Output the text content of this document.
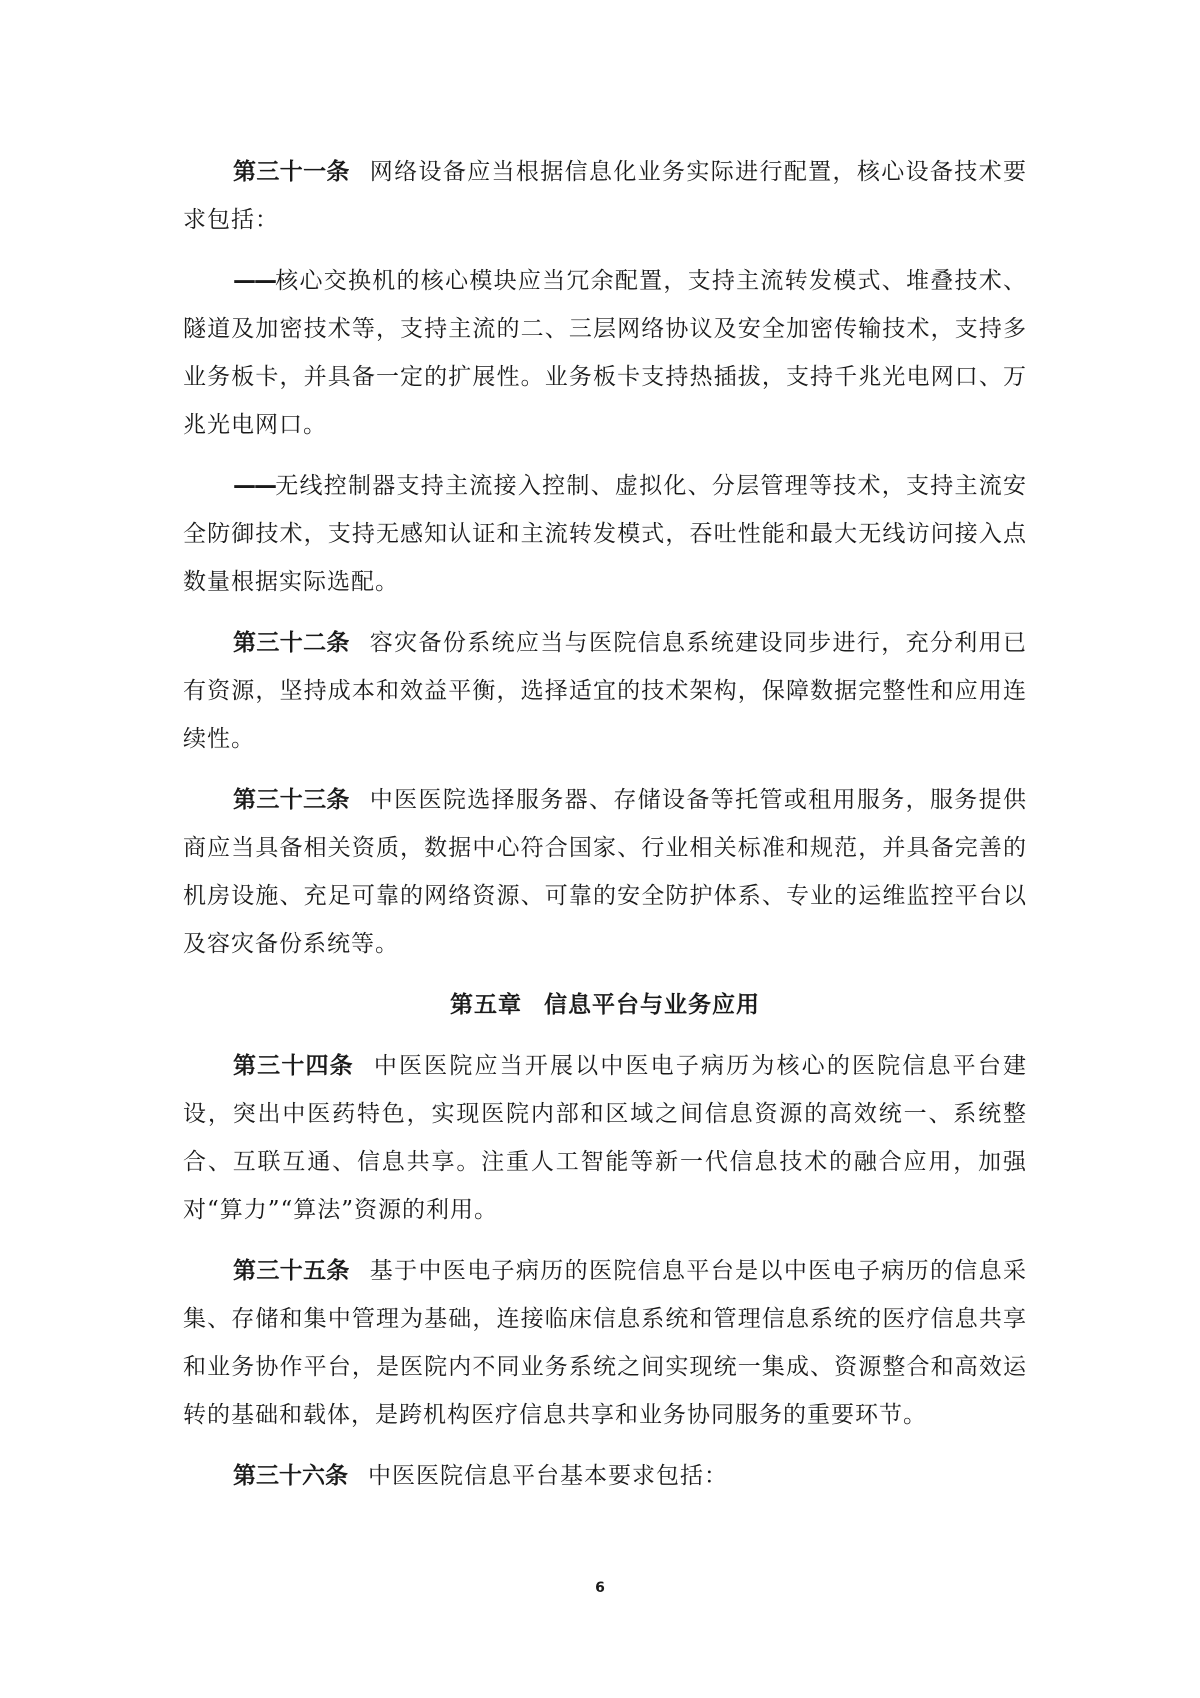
第三十一条 网络设备应当根据信息化业务实际进行配置，核心设备技术要求包括：

——核心交换机的核心模块应当冗余配置，支持主流转发模式、堆叠技术、隧道及加密技术等，支持主流的二、三层网络协议及安全加密传输技术，支持多业务板卡，并具备一定的扩展性。业务板卡支持热插拔，支持千兆光电网口、万兆光电网口。

——无线控制器支持主流接入控制、虚拟化、分层管理等技术，支持主流安全防御技术，支持无感知认证和主流转发模式，吞吐性能和最大无线访问接入点数量根据实际选配。

第三十二条 容灾备份系统应当与医院信息系统建设同步进行，充分利用已有资源，坚持成本和效益平衡，选择适宜的技术架构，保障数据完整性和应用连续性。

第三十三条 中医医院选择服务器、存储设备等托管或租用服务，服务提供商应当具备相关资质，数据中心符合国家、行业相关标准和规范，并具备完善的机房设施、充足可靠的网络资源、可靠的安全防护体系、专业的运维监控平台以及容灾备份系统等。

第五章 信息平台与业务应用

第三十四条 中医医院应当开展以中医电子病历为核心的医院信息平台建设，突出中医药特色，实现医院内部和区域之间信息资源的高效统一、系统整合、互联互通、信息共享。注重人工智能等新一代信息技术的融合应用，加强对“算力”“算法”资源的利用。

第三十五条 基于中医电子病历的医院信息平台是以中医电子病历的信息采集、存储和集中管理为基础，连接临床信息系统和管理信息系统的医疗信息共享和业务协作平台，是医院内不同业务系统之间实现统一集成、资源整合和高效运转的基础和载体，是跨机构医疗信息共享和业务协同服务的重要环节。

第三十六条 中医医院信息平台基本要求包括：

6
